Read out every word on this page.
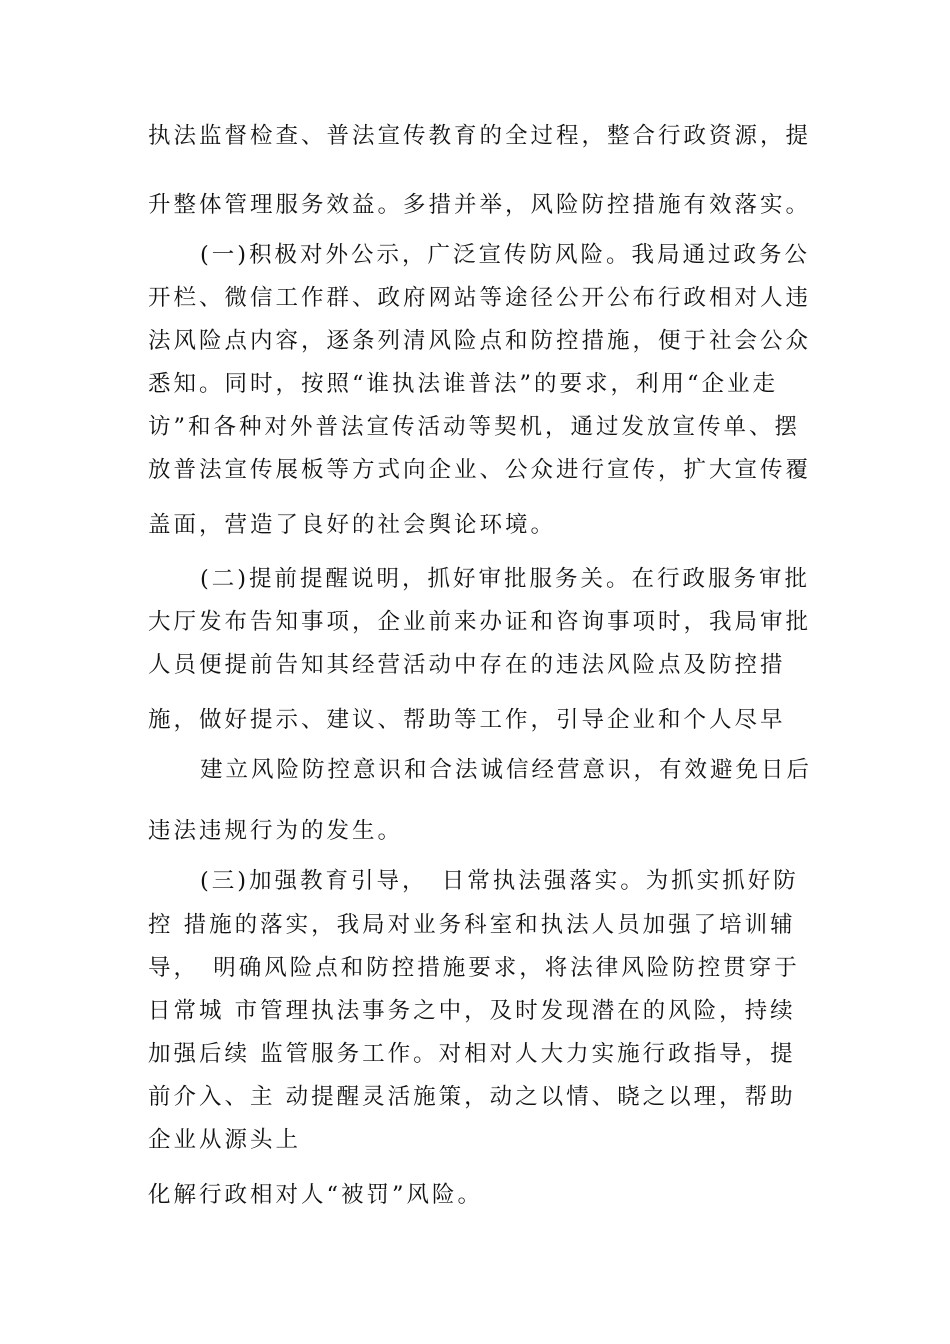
执法监督检查、普法宣传教育的全过程，整合行政资源，提
升整体管理服务效益。多措并举，风险防控措施有效落实。
(一)积极对外公示，广泛宣传防风险。我局通过政务公
开栏、微信工作群、政府网站等途径公开公布行政相对人违
法风险点内容，逐条列清风险点和防控措施，便于社会公众
悉知。同时，按照“谁执法谁普法”的要求，利用“企业走
访”和各种对外普法宣传活动等契机，通过发放宣传单、摆
放普法宣传展板等方式向企业、公众进行宣传，扩大宣传覆
盖面，营造了良好的社会舆论环境。
(二)提前提醒说明，抓好审批服务关。在行政服务审批
大厅发布告知事项，企业前来办证和咨询事项时，我局审批
人员便提前告知其经营活动中存在的违法风险点及防控措
施，做好提示、建议、帮助等工作，引导企业和个人尽早
建立风险防控意识和合法诚信经营意识，有效避免日后
违法违规行为的发生。
(三)加强教育引导，　日常执法强落实。为抓实抓好防
控 措施的落实，我局对业务科室和执法人员加强了培训辅
导，　明确风险点和防控措施要求，将法律风险防控贯穿于
日常城 市管理执法事务之中，及时发现潜在的风险，持续
加强后续 监管服务工作。对相对人大力实施行政指导，提
前介入、主 动提醒灵活施策，动之以情、晓之以理，帮助
企业从源头上
化解行政相对人“被罚”风险。
